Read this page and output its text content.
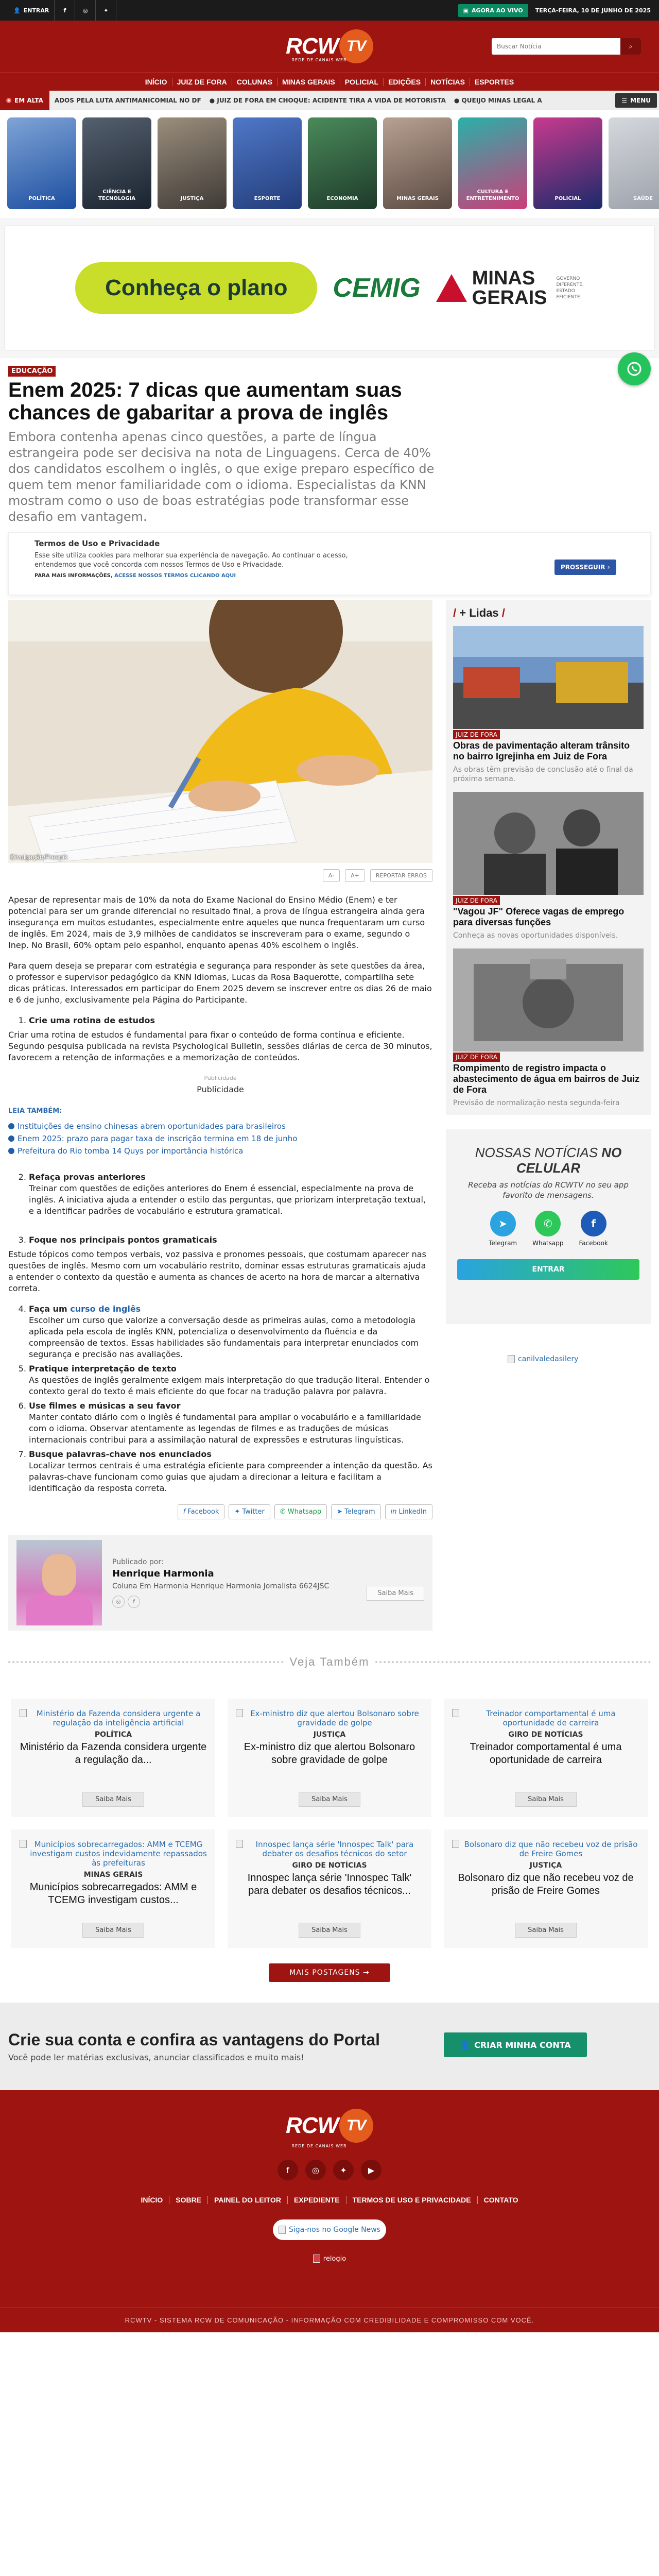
👤 ENTRAR	f	◎	✦	▣ AGORA AO VIVO TERÇA-FEIRA, 10 DE JUNHO DE 2025
RCW TV
REDE DE CANAIS WEB
Buscar Notícia	⌕
INÍCIO	JUIZ DE FORA	COLUNAS	MINAS GERAIS	POLICIAL	EDIÇÕES	NOTÍCIAS	ESPORTES
EM ALTA ADOS PELA LUTA ANTIMANICOMIAL NO DF ● JUIZ DE FORA EM CHOQUE: ACIDENTE TIRA A VIDA DE MOTORISTA ● QUEIJO MINAS LEGAL A	☰ MENU
POLÍTICA
CIÊNCIA E TECNOLOGIA	JUSTIÇA	ESPORTE	ECONOMIA	MINAS GERAIS
CULTURA E ENTRETENIMENTO	POLICIAL	SAÚDE
Conheça o plano	CEMIG	MINAS
GERAIS
GOVERNO
DIFERENTE.
ESTADO
EFICIENTE.
EDUCAÇÃO
Enem 2025: 7 dicas que aumentam suas chances de gabaritar a prova de inglês

Embora contenha apenas cinco questões, a parte de língua estrangeira pode ser decisiva na nota de Linguagens. Cerca de 40% dos candidatos escolhem o inglês, o que exige preparo específico de quem tem menor familiaridade com o idioma. Especialistas da KNN mostram como o uso de boas estratégias pode transformar esse desafio em vantagem.

Termos de Uso e Privacidade

Esse site utiliza cookies para melhorar sua experiência de navegação. Ao continuar o acesso, entendemos que você concorda com nossos Termos de Uso e Privacidade.

PARA MAIS INFORMAÇÕES, ACESSE NOSSOS TERMOS CLICANDO AQUI
PROSSEGUIR ›
Divulgação/Freepik
A-	A+	REPORTAR ERROS

Apesar de representar mais de 10% da nota do Exame Nacional do Ensino Médio (Enem) e ter potencial para ser um grande diferencial no resultado final, a prova de língua estrangeira ainda gera insegurança em muitos estudantes, especialmente entre aqueles que nunca frequentaram um curso de inglês. Em 2024, mais de 3,9 milhões de candidatos se inscreveram para o exame, segundo o Inep. No Brasil, 60% optam pelo espanhol, enquanto apenas 40% escolhem o inglês.

Para quem deseja se preparar com estratégia e segurança para responder às sete questões da área, o professor e supervisor pedagógico da KNN Idiomas, Lucas da Rosa Baquerotte, compartilha sete dicas práticas. Interessados em participar do Enem 2025 devem se inscrever entre os dias 26 de maio e 6 de junho, exclusivamente pela Página do Participante.

1. Crie uma rotina de estudos

Criar uma rotina de estudos é fundamental para fixar o conteúdo de forma contínua e eficiente. Segundo pesquisa publicada na revista Psychological Bulletin, sessões diárias de cerca de 30 minutos, favorecem a retenção de informações e a memorização de conteúdos.

Publicidade
Publicidade
LEIA TAMBÉM:
Instituições de ensino chinesas abrem oportunidades para brasileiros
Enem 2025: prazo para pagar taxa de inscrição termina em 18 de junho
Prefeitura do Rio tomba 14 Quys por importância histórica
2. Refaça provas anteriores
Treinar com questões de edições anteriores do Enem é essencial, especialmente na prova de inglês. A iniciativa ajuda a entender o estilo das perguntas, que priorizam interpretação textual, e a identificar padrões de vocabulário e estrutura gramatical.
3. Foque nos principais pontos gramaticais

Estude tópicos como tempos verbais, voz passiva e pronomes pessoais, que costumam aparecer nas questões de inglês. Mesmo com um vocabulário restrito, dominar essas estruturas gramaticais ajuda a entender o contexto da questão e aumenta as chances de acerto na hora de marcar a alternativa correta.

4. Faça um curso de inglês
Escolher um curso que valorize a conversação desde as primeiras aulas, como a metodologia aplicada pela escola de inglês KNN, potencializa o desenvolvimento da fluência e da compreensão de textos. Essas habilidades são fundamentais para interpretar enunciados com segurança e precisão nas avaliações.
5. Pratique interpretação de texto
As questões de inglês geralmente exigem mais interpretação do que tradução literal. Entender o contexto geral do texto é mais eficiente do que focar na tradução palavra por palavra.
6. Use filmes e músicas a seu favor
Manter contato diário com o inglês é fundamental para ampliar o vocabulário e a familiaridade com o idioma. Observar atentamente as legendas de filmes e as traduções de músicas internacionais contribui para a assimilação natural de expressões e estruturas linguísticas.
7. Busque palavras-chave nos enunciados
Localizar termos centrais é uma estratégia eficiente para compreender a intenção da questão. As palavras-chave funcionam como guias que ajudam a direcionar a leitura e facilitam a identificação da resposta correta.
f Facebook ✦ Twitter ✆ Whatsapp ➤ Telegram in LinkedIn
/ + Lidas /
JUIZ DE FORA
Obras de pavimentação alteram trânsito no bairro Igrejinha em Juiz de Fora
As obras têm previsão de conclusão até o final da próxima semana.
JUIZ DE FORA
"Vagou JF" Oferece vagas de emprego para diversas funções
Conheça as novas oportunidades disponíveis.
JUIZ DE FORA
Rompimento de registro impacta o abastecimento de água em bairros de Juiz de Fora
Previsão de normalização nesta segunda-feira
NOSSAS NOTÍCIAS NO CELULAR

Receba as notícias do RCWTV no seu app favorito de mensagens.

➤
Telegram
✆
Whatsapp
f
Facebook
ENTRAR
canilvaledasilery
Publicado por:
Henrique Harmonia
Coluna Em Harmonia Henrique Harmonia Jornalista 6624JSC
◎	f
Saiba Mais
Veja Também
Ministério da Fazenda considera urgente a regulação da inteligência artificial
POLÍTICA
Ministério da Fazenda considera urgente a regulação da...
Saiba Mais
Ex-ministro diz que alertou Bolsonaro sobre gravidade de golpe
JUSTIÇA
Ex-ministro diz que alertou Bolsonaro sobre gravidade de golpe
Saiba Mais
Treinador comportamental é uma oportunidade de carreira
GIRO DE NOTÍCIAS
Treinador comportamental é uma oportunidade de carreira
Saiba Mais
Municípios sobrecarregados: AMM e TCEMG investigam custos indevidamente repassados às prefeituras
MINAS GERAIS
Municípios sobrecarregados: AMM e TCEMG investigam custos...
Saiba Mais
Innospec lança série 'Innospec Talk' para debater os desafios técnicos do setor
GIRO DE NOTÍCIAS
Innospec lança série 'Innospec Talk' para debater os desafios técnicos...
Saiba Mais
Bolsonaro diz que não recebeu voz de prisão de Freire Gomes
JUSTIÇA
Bolsonaro diz que não recebeu voz de prisão de Freire Gomes
Saiba Mais
MAIS POSTAGENS →
Crie sua conta e confira as vantagens do Portal

Você pode ler matérias exclusivas, anunciar classificados e muito mais!

👤 CRIAR MINHA CONTA
RCW TV
REDE DE CANAIS WEB
f	◎	✦	▶
INÍCIO	SOBRE	PAINEL DO LEITOR	EXPEDIENTE	TERMOS DE USO E PRIVACIDADE	CONTATO
Siga-nos no Google News
relogio
RCWTV - SISTEMA RCW DE COMUNICAÇÃO - INFORMAÇÃO COM CREDIBILIDADE E COMPROMISSO COM VOCÊ.
